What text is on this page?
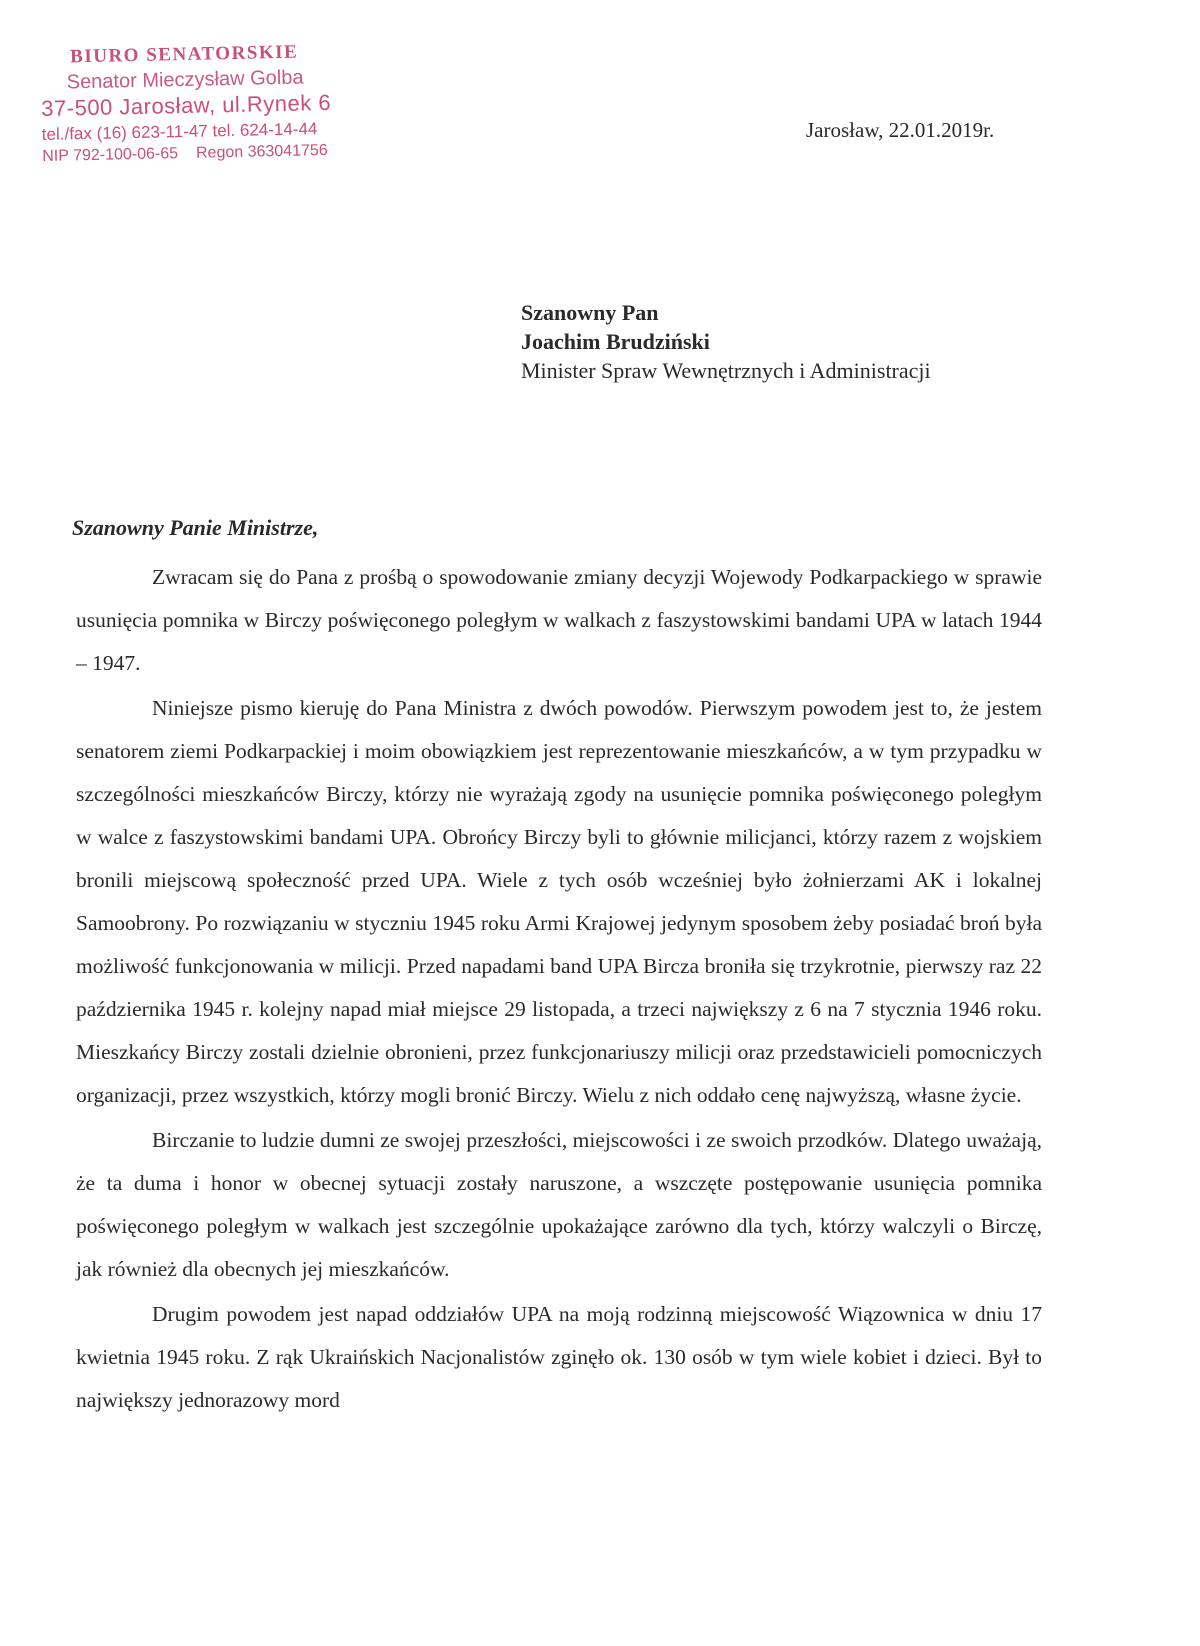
BIURO SENATORSKIE
Senator Mieczysław Golba
37-500 Jarosław, ul.Rynek 6
tel./fax (16) 623-11-47 tel. 624-14-44
NIP 792-100-06-65 Regon 363041756
Jarosław, 22.01.2019r.
Szanowny Pan
Joachim Brudziński
Minister Spraw Wewnętrznych i Administracji
Szanowny Panie Ministrze,

Zwracam się do Pana z prośbą o spowodowanie zmiany decyzji Wojewody Podkarpackiego w sprawie usunięcia pomnika w Birczy poświęconego poległym w walkach z faszystowskimi bandami UPA w latach 1944 – 1947.

Niniejsze pismo kieruję do Pana Ministra z dwóch powodów. Pierwszym powodem jest to, że jestem senatorem ziemi Podkarpackiej i moim obowiązkiem jest reprezentowanie mieszkańców, a w tym przypadku w szczególności mieszkańców Birczy, którzy nie wyrażają zgody na usunięcie pomnika poświęconego poległym w walce z faszystowskimi bandami UPA. Obrońcy Birczy byli to głównie milicjanci, którzy razem z wojskiem bronili miejscową społeczność przed UPA. Wiele z tych osób wcześniej było żołnierzami AK i lokalnej Samoobrony. Po rozwiązaniu w styczniu 1945 roku Armi Krajowej jedynym sposobem żeby posiadać broń była możliwość funkcjonowania w milicji. Przed napadami band UPA Bircza broniła się trzykrotnie, pierwszy raz 22 października 1945 r. kolejny napad miał miejsce 29 listopada, a trzeci największy z 6 na 7 stycznia 1946 roku. Mieszkańcy Birczy zostali dzielnie obronieni, przez funkcjonariuszy milicji oraz przedstawicieli pomocniczych organizacji, przez wszystkich, którzy mogli bronić Birczy. Wielu z nich oddało cenę najwyższą, własne życie.

Birczanie to ludzie dumni ze swojej przeszłości, miejscowości i ze swoich przodków. Dlatego uważają, że ta duma i honor w obecnej sytuacji zostały naruszone, a wszczęte postępowanie usunięcia pomnika poświęconego poległym w walkach jest szczególnie upokażające zarówno dla tych, którzy walczyli o Birczę, jak również dla obecnych jej mieszkańców.

Drugim powodem jest napad oddziałów UPA na moją rodzinną miejscowość Wiązownica w dniu 17 kwietnia 1945 roku. Z rąk Ukraińskich Nacjonalistów zginęło ok. 130 osób w tym wiele kobiet i dzieci. Był to największy jednorazowy mord
